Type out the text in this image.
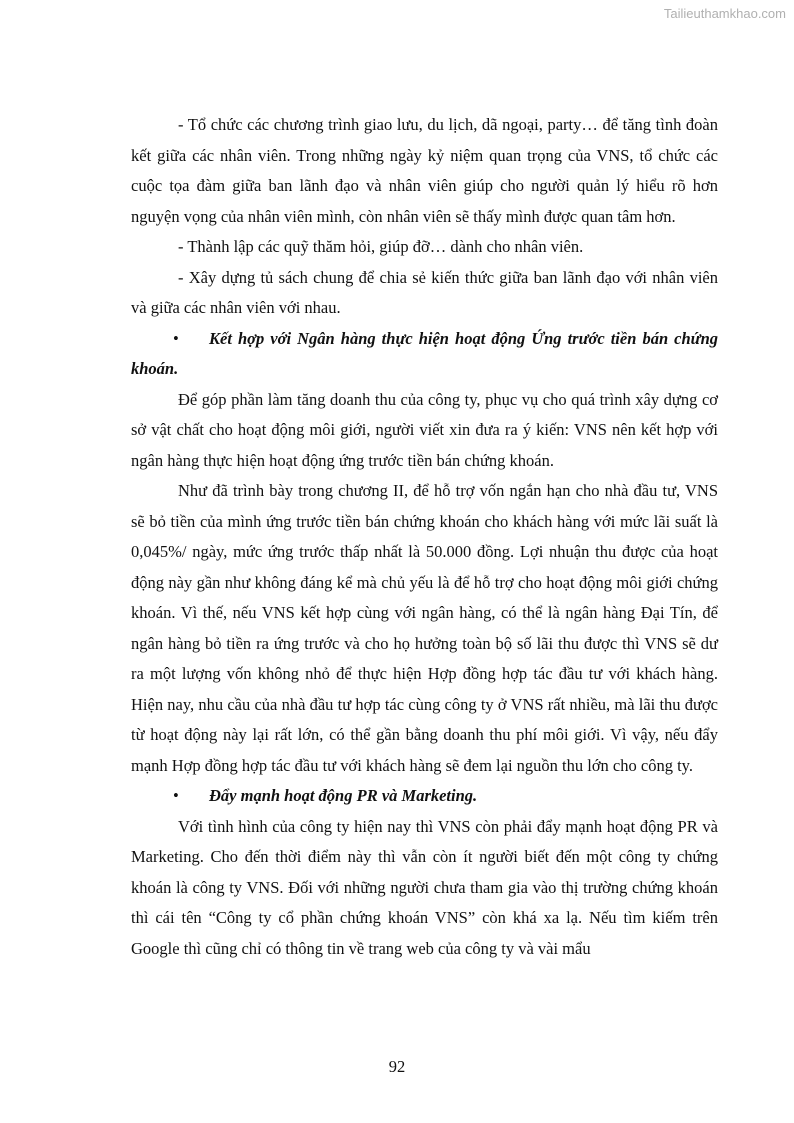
Tailieuthamkhao.com

- Tổ chức các chương trình giao lưu, du lịch, dã ngoại, party… để tăng tình đoàn kết giữa các nhân viên. Trong những ngày kỷ niệm quan trọng của VNS, tổ chức các cuộc tọa đàm giữa ban lãnh đạo và nhân viên giúp cho người quản lý hiểu rõ hơn nguyện vọng của nhân viên mình, còn nhân viên sẽ thấy mình được quan tâm hơn.

- Thành lập các quỹ thăm hỏi, giúp đỡ… dành cho nhân viên.

- Xây dựng tủ sách chung để chia sẻ kiến thức giữa ban lãnh đạo với nhân viên và giữa các nhân viên với nhau.

• Kết hợp với Ngân hàng thực hiện hoạt động Ứng trước tiền bán chứng khoán.

Để góp phần làm tăng doanh thu của công ty, phục vụ cho quá trình xây dựng cơ sở vật chất cho hoạt động môi giới, người viết xin đưa ra ý kiến: VNS nên kết hợp với ngân hàng thực hiện hoạt động ứng trước tiền bán chứng khoán.

Như đã trình bày trong chương II, để hỗ trợ vốn ngắn hạn cho nhà đầu tư, VNS sẽ bỏ tiền của mình ứng trước tiền bán chứng khoán cho khách hàng với mức lãi suất là 0,045%/ ngày, mức ứng trước thấp nhất là 50.000 đồng. Lợi nhuận thu được của hoạt động này gần như không đáng kể mà chủ yếu là để hỗ trợ cho hoạt động môi giới chứng khoán. Vì thế, nếu VNS kết hợp cùng với ngân hàng, có thể là ngân hàng Đại Tín, để ngân hàng bỏ tiền ra ứng trước và cho họ hưởng toàn bộ số lãi thu được thì VNS sẽ dư ra một lượng vốn không nhỏ để thực hiện Hợp đồng hợp tác đầu tư với khách hàng. Hiện nay, nhu cầu của nhà đầu tư hợp tác cùng công ty ở VNS rất nhiều, mà lãi thu được từ hoạt động này lại rất lớn, có thể gần bằng doanh thu phí môi giới. Vì vậy, nếu đẩy mạnh Hợp đồng hợp tác đầu tư với khách hàng sẽ đem lại nguồn thu lớn cho công ty.

• Đẩy mạnh hoạt động PR và Marketing.

Với tình hình của công ty hiện nay thì VNS còn phải đẩy mạnh hoạt động PR và Marketing. Cho đến thời điểm này thì vẫn còn ít người biết đến một công ty chứng khoán là công ty VNS. Đối với những người chưa tham gia vào thị trường chứng khoán thì cái tên “Công ty cổ phần chứng khoán VNS” còn khá xa lạ. Nếu tìm kiếm trên Google thì cũng chỉ có thông tin về trang web của công ty và vài mẩu

92
